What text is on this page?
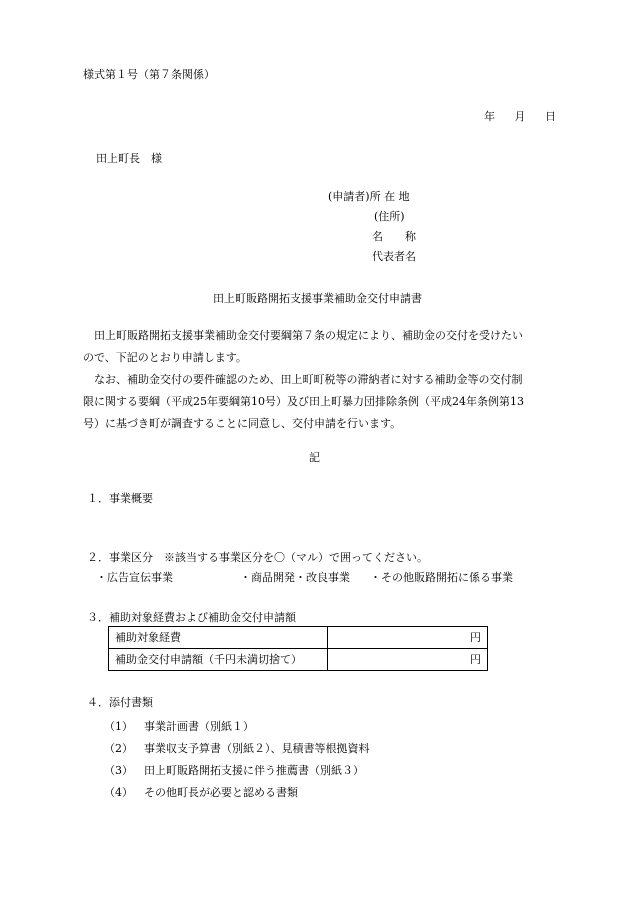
様式第１号（第７条関係）
年 月 日
田上町長　様
(申請者)所 在 地
(住所)
名　　称
代表者名
田上町販路開拓支援事業補助金交付申請書

田上町販路開拓支援事業補助金交付要綱第７条の規定により、補助金の交付を受けたい

ので、下記のとおり申請します。

なお、補助金交付の要件確認のため、田上町町税等の滞納者に対する補助金等の交付制

限に関する要綱（平成25年要綱第10号）及び田上町暴力団排除条例（平成24年条例第13

号）に基づき町が調査することに同意し、交付申請を行います。

記
１．事業概要
２．事業区分　※該当する事業区分を〇（マル）で囲ってください。
・広告宣伝事業	・商品開発・改良事業 ・その他販路開拓に係る事業
３．補助対象経費および補助金交付申請額
補助対象経費	円
補助金交付申請額（千円未満切捨て）	円
４．添付書類
（1） 事業計画書（別紙１）
（2） 事業収支予算書（別紙２）、見積書等根拠資料
（3） 田上町販路開拓支援に伴う推薦書（別紙３）
（4） その他町長が必要と認める書類
